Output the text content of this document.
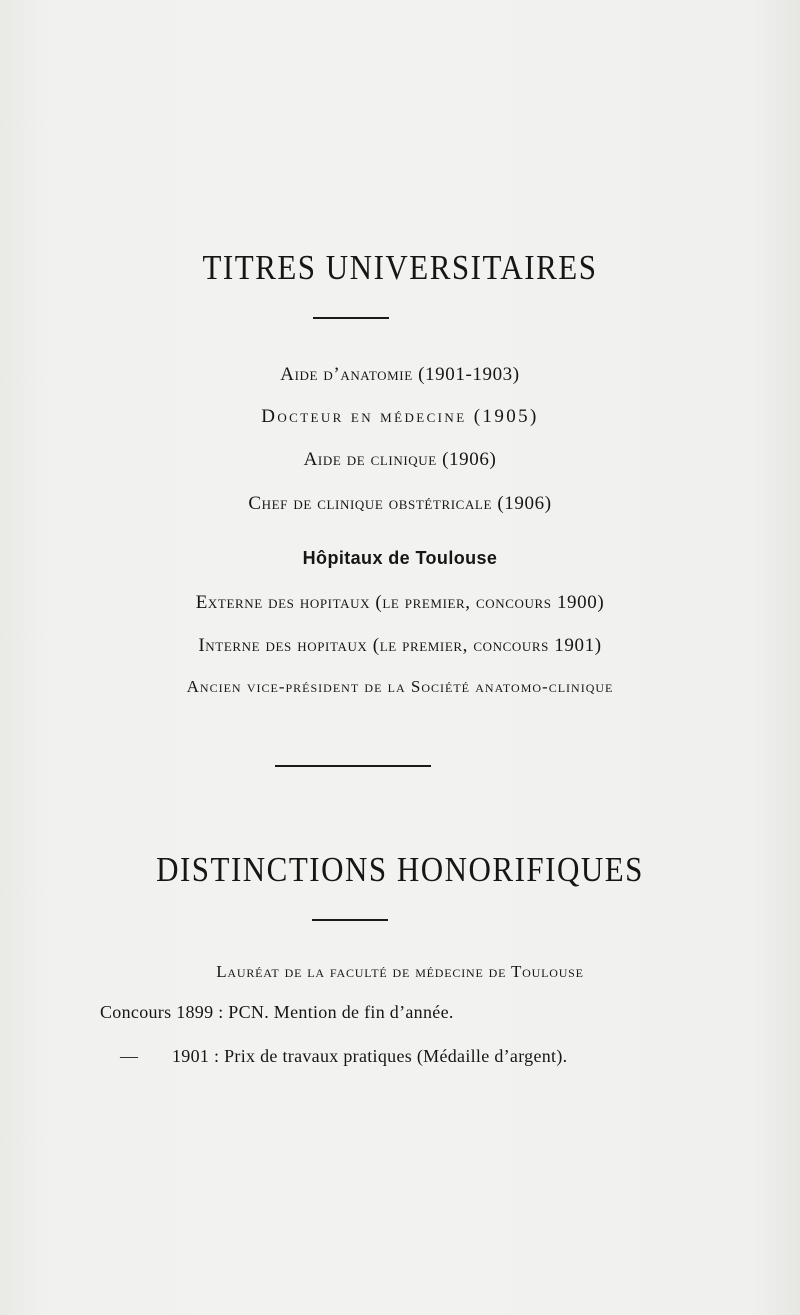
TITRES UNIVERSITAIRES
Aide d’anatomie (1901-1903)
Docteur en médecine (1905)
Aide de clinique (1906)
Chef de clinique obstétricale (1906)
Hôpitaux de Toulouse
Externe des hopitaux (le premier, concours 1900)
Interne des hopitaux (le premier, concours 1901)
Ancien vice-président de la Société anatomo-clinique
DISTINCTIONS HONORIFIQUES
Lauréat de la faculté de médecine de Toulouse
Concours 1899 : PCN. Mention de fin d’année.
—	1901 : Prix de travaux pratiques (Médaille d’argent).
